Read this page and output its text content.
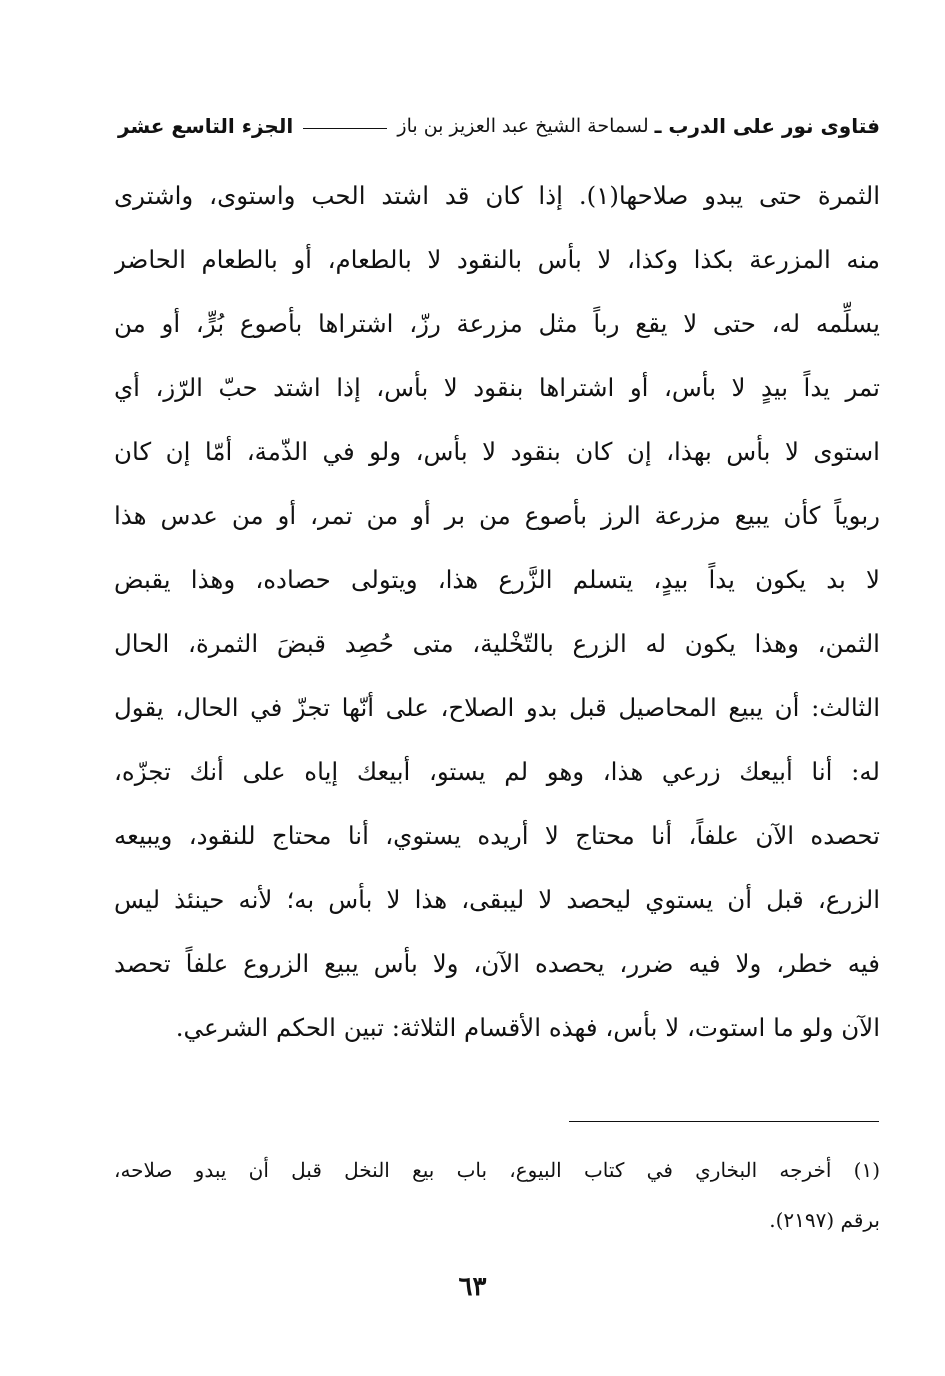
فتاوى نور على الدرب ـ
لسماحة الشيخ عبد العزيز بن باز
الجزء التاسع عشر
الثمرة حتى يبدو صلاحها(١). إذا كان قد اشتد الحب واستوى، واشترى
منه المزرعة بكذا وكذا، لا بأس بالنقود لا بالطعام، أو بالطعام الحاضر
يسلِّمه له، حتى لا يقع رباً مثل مزرعة رزّ، اشتراها بأصوع بُرٍّ، أو من
تمر يداً بيدٍ لا بأس، أو اشتراها بنقود لا بأس، إذا اشتد حبّ الرّز، أي
استوى لا بأس بهذا، إن كان بنقود لا بأس، ولو في الذّمة، أمّا إن كان
ربوياً كأن يبيع مزرعة الرز بأصوع من بر أو من تمر، أو من عدس هذا
لا بد يكون يداً بيدٍ، يتسلم الزَّرع هذا، ويتولى حصاده، وهذا يقبض
الثمن، وهذا يكون له الزرع بالتّخْلية، متى حُصِد قبضَ الثمرة، الحال
الثالث: أن يبيع المحاصيل قبل بدو الصلاح، على أنّها تجزّ في الحال، يقول
له: أنا أبيعك زرعي هذا، وهو لم يستو، أبيعك إياه على أنك تجزّه،
تحصده الآن علفاً، أنا محتاج لا أريده يستوي، أنا محتاج للنقود، ويبيعه
الزرع، قبل أن يستوي ليحصد لا ليبقى، هذا لا بأس به؛ لأنه حينئذ ليس
فيه خطر، ولا فيه ضرر، يحصده الآن، ولا بأس يبيع الزروع علفاً تحصد
الآن ولو ما استوت، لا بأس، فهذه الأقسام الثلاثة: تبين الحكم الشرعي.
(١) أخرجه البخاري في كتاب البيوع، باب بيع النخل قبل أن يبدو صلاحه،
برقم (٢١٩٧).
٦٣
